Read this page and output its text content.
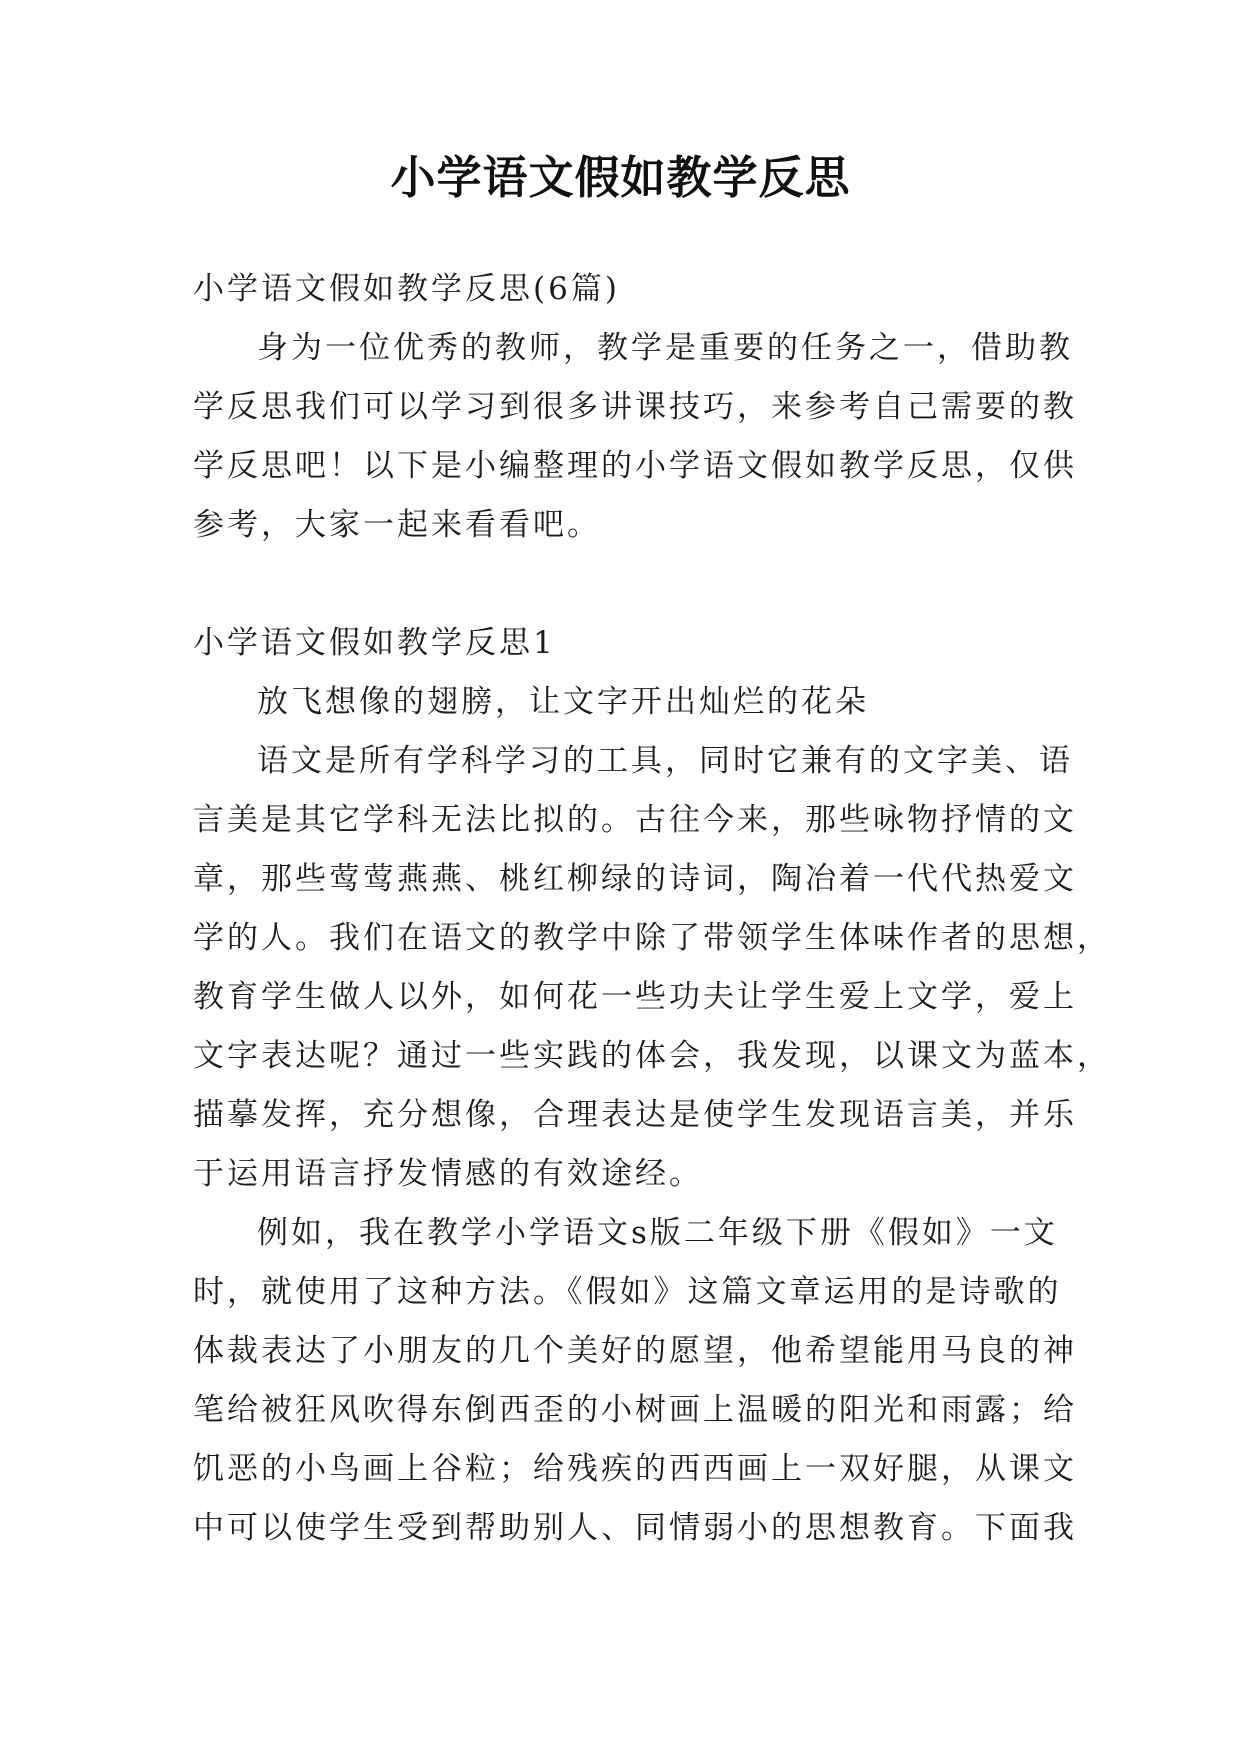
小学语文假如教学反思
小学语文假如教学反思(6篇)
身为一位优秀的教师，教学是重要的任务之一，借助教
学反思我们可以学习到很多讲课技巧，来参考自己需要的教
学反思吧！以下是小编整理的小学语文假如教学反思，仅供
参考，大家一起来看看吧。
小学语文假如教学反思1
放飞想像的翅膀，让文字开出灿烂的花朵
语文是所有学科学习的工具，同时它兼有的文字美、语
言美是其它学科无法比拟的。古往今来，那些咏物抒情的文
章，那些莺莺燕燕、桃红柳绿的诗词，陶冶着一代代热爱文
学的人。我们在语文的教学中除了带领学生体味作者的思想，
教育学生做人以外，如何花一些功夫让学生爱上文学，爱上
文字表达呢？通过一些实践的体会，我发现，以课文为蓝本，
描摹发挥，充分想像，合理表达是使学生发现语言美，并乐
于运用语言抒发情感的有效途经。
例如，我在教学小学语文s版二年级下册《假如》一文
时，就使用了这种方法。《假如》这篇文章运用的是诗歌的
体裁表达了小朋友的几个美好的愿望，他希望能用马良的神
笔给被狂风吹得东倒西歪的小树画上温暖的阳光和雨露；给
饥恶的小鸟画上谷粒；给残疾的西西画上一双好腿，从课文
中可以使学生受到帮助别人、同情弱小的思想教育。下面我
